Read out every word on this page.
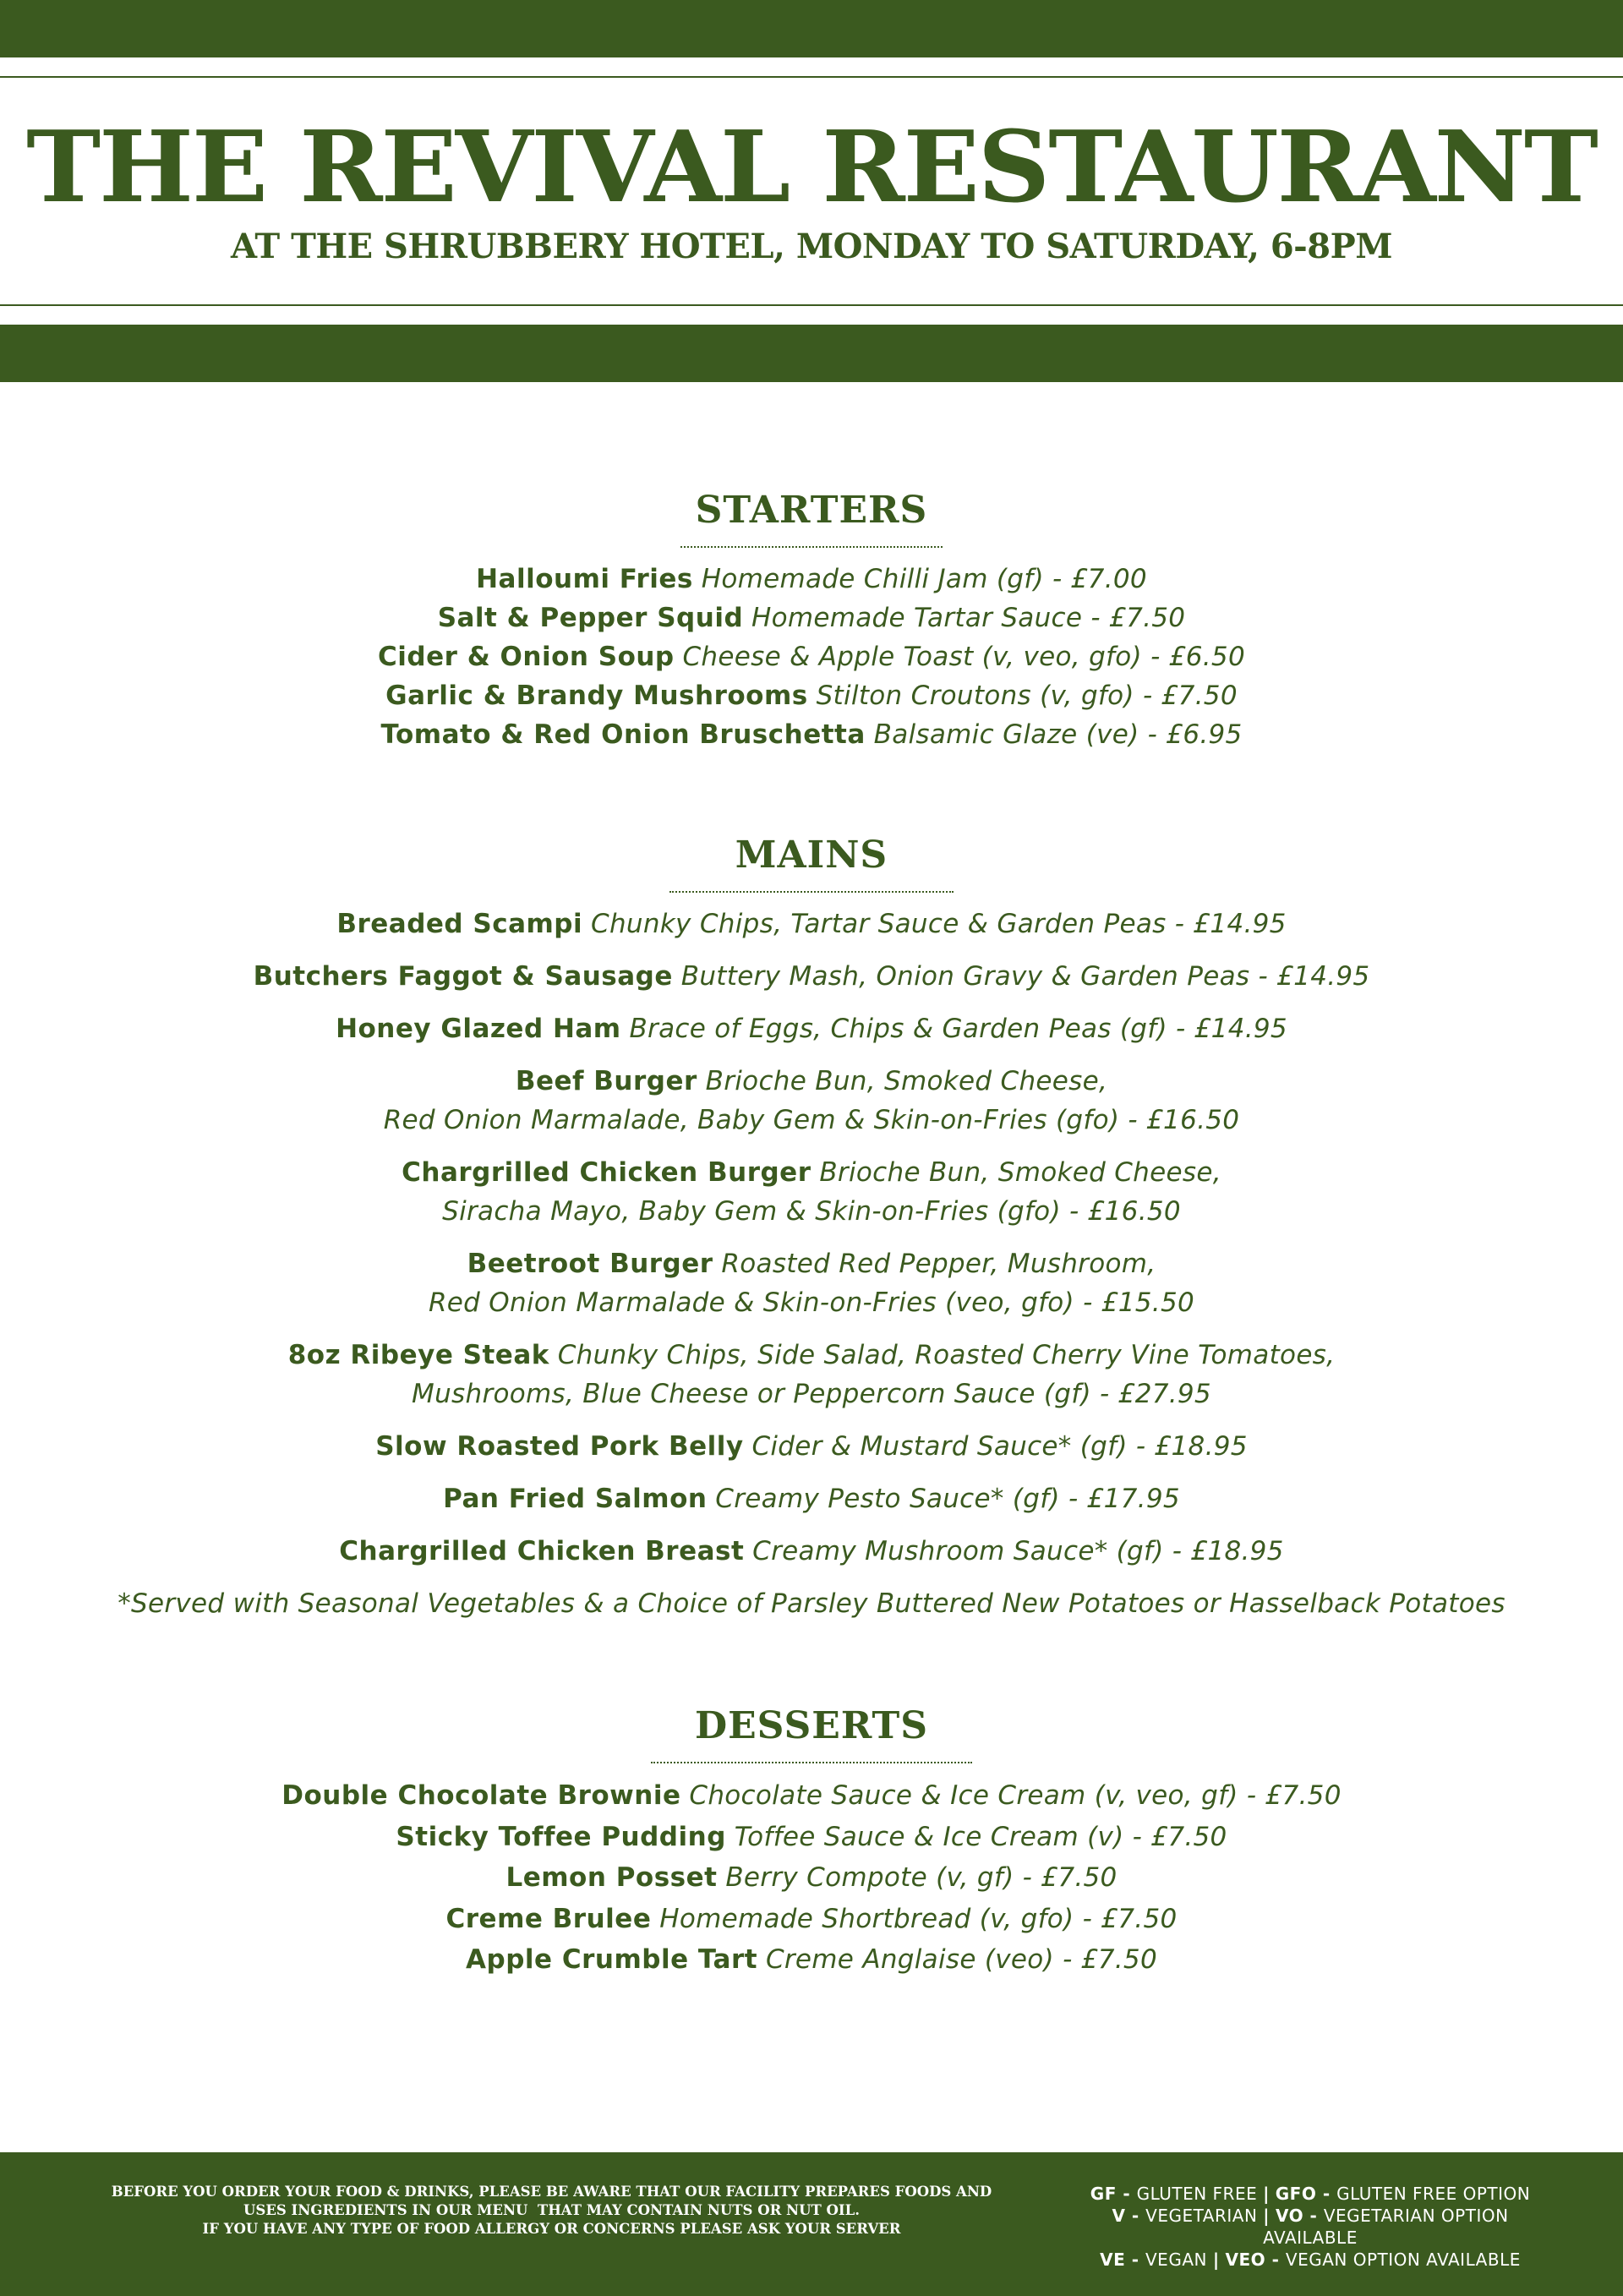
THE REVIVAL RESTAURANT
AT THE SHRUBBERY HOTEL, MONDAY TO SATURDAY, 6-8PM
STARTERS
Halloumi Fries Homemade Chilli Jam (gf) - £7.00
Salt & Pepper Squid Homemade Tartar Sauce - £7.50
Cider & Onion Soup Cheese & Apple Toast (v, veo, gfo) - £6.50
Garlic & Brandy Mushrooms Stilton Croutons (v, gfo) - £7.50
Tomato & Red Onion Bruschetta Balsamic Glaze (ve) - £6.95
MAINS
Breaded Scampi Chunky Chips, Tartar Sauce & Garden Peas - £14.95
Butchers Faggot & Sausage Buttery Mash, Onion Gravy & Garden Peas - £14.95
Honey Glazed Ham Brace of Eggs, Chips & Garden Peas (gf) - £14.95
Beef Burger Brioche Bun, Smoked Cheese,
Red Onion Marmalade, Baby Gem & Skin-on-Fries (gfo) - £16.50
Chargrilled Chicken Burger Brioche Bun, Smoked Cheese,
Siracha Mayo, Baby Gem & Skin-on-Fries (gfo) - £16.50
Beetroot Burger Roasted Red Pepper, Mushroom,
Red Onion Marmalade & Skin-on-Fries (veo, gfo) - £15.50
8oz Ribeye Steak Chunky Chips, Side Salad, Roasted Cherry Vine Tomatoes,
Mushrooms, Blue Cheese or Peppercorn Sauce (gf) - £27.95
Slow Roasted Pork Belly Cider & Mustard Sauce* (gf) - £18.95
Pan Fried Salmon Creamy Pesto Sauce* (gf) - £17.95
Chargrilled Chicken Breast Creamy Mushroom Sauce* (gf) - £18.95
*Served with Seasonal Vegetables & a Choice of Parsley Buttered New Potatoes or Hasselback Potatoes
DESSERTS
Double Chocolate Brownie Chocolate Sauce & Ice Cream (v, veo, gf) - £7.50
Sticky Toffee Pudding Toffee Sauce & Ice Cream (v) - £7.50
Lemon Posset Berry Compote (v, gf) - £7.50
Creme Brulee Homemade Shortbread (v, gfo) - £7.50
Apple Crumble Tart Creme Anglaise (veo) - £7.50
BEFORE YOU ORDER YOUR FOOD & DRINKS, PLEASE BE AWARE THAT OUR FACILITY PREPARES FOODS AND
USES INGREDIENTS IN OUR MENU  THAT MAY CONTAIN NUTS OR NUT OIL.
IF YOU HAVE ANY TYPE OF FOOD ALLERGY OR CONCERNS PLEASE ASK YOUR SERVER
GF - GLUTEN FREE | GFO - GLUTEN FREE OPTION
V - VEGETARIAN | VO - VEGETARIAN OPTION AVAILABLE
VE - VEGAN | VEO - VEGAN OPTION AVAILABLE
